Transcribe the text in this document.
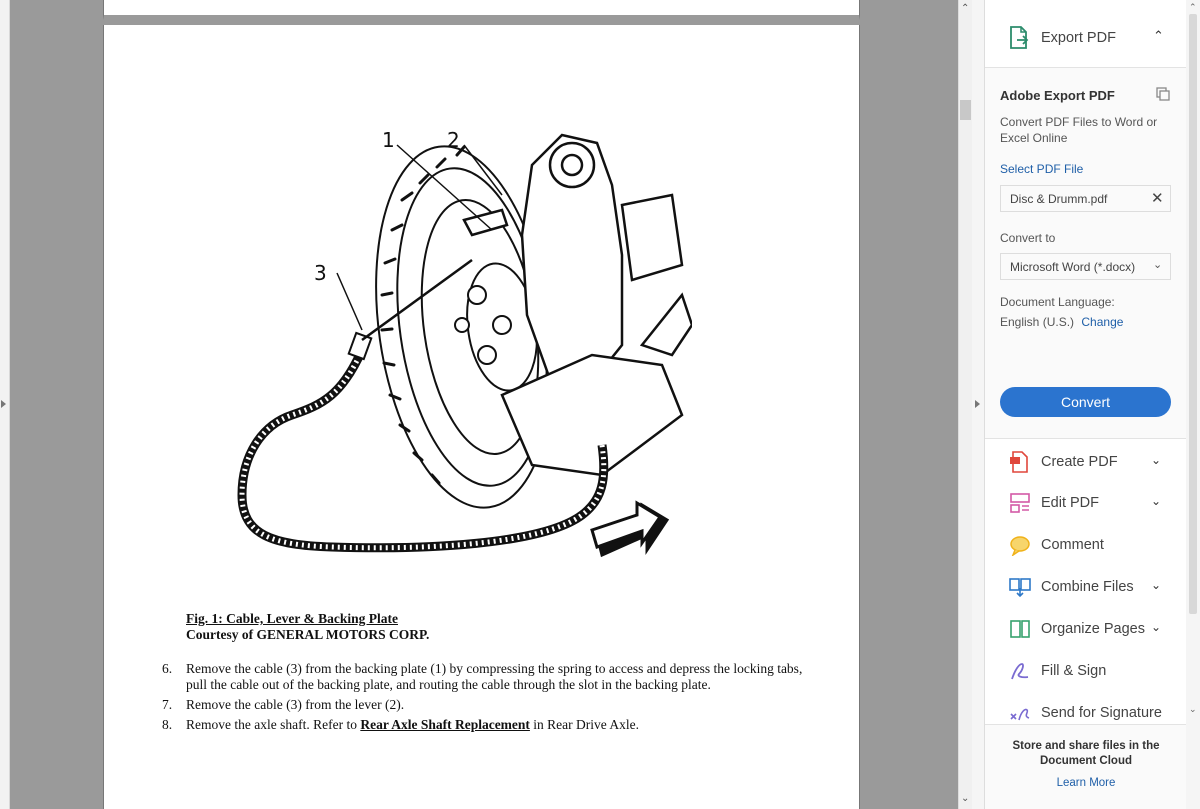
1	2
3
Fig. 1: Cable, Lever & Backing Plate
Courtesy of GENERAL MOTORS CORP.
6. Remove the cable (3) from the backing plate (1) by compressing the spring to access and depress the locking tabs, pull the cable out of the backing plate, and routing the cable through the slot in the backing plate.
7. Remove the cable (3) from the lever (2).
8. Remove the axle shaft. Refer to Rear Axle Shaft Replacement in Rear Drive Axle.
⌃
⌄
Export PDF	⌃
Adobe Export PDF
Convert PDF Files to Word or Excel Online
Select PDF File
Disc & Drumm.pdf	✕
Convert to
Microsoft Word (*.docx) ⌄
Document Language:
English (U.S.) Change
Convert
Create PDF	⌄
Edit PDF	⌄
Comment
Combine Files ⌄
Organize Pages ⌄
Fill & Sign
Send for Signature
Store and share files in the Document Cloud
Learn More
⌃
⌄
